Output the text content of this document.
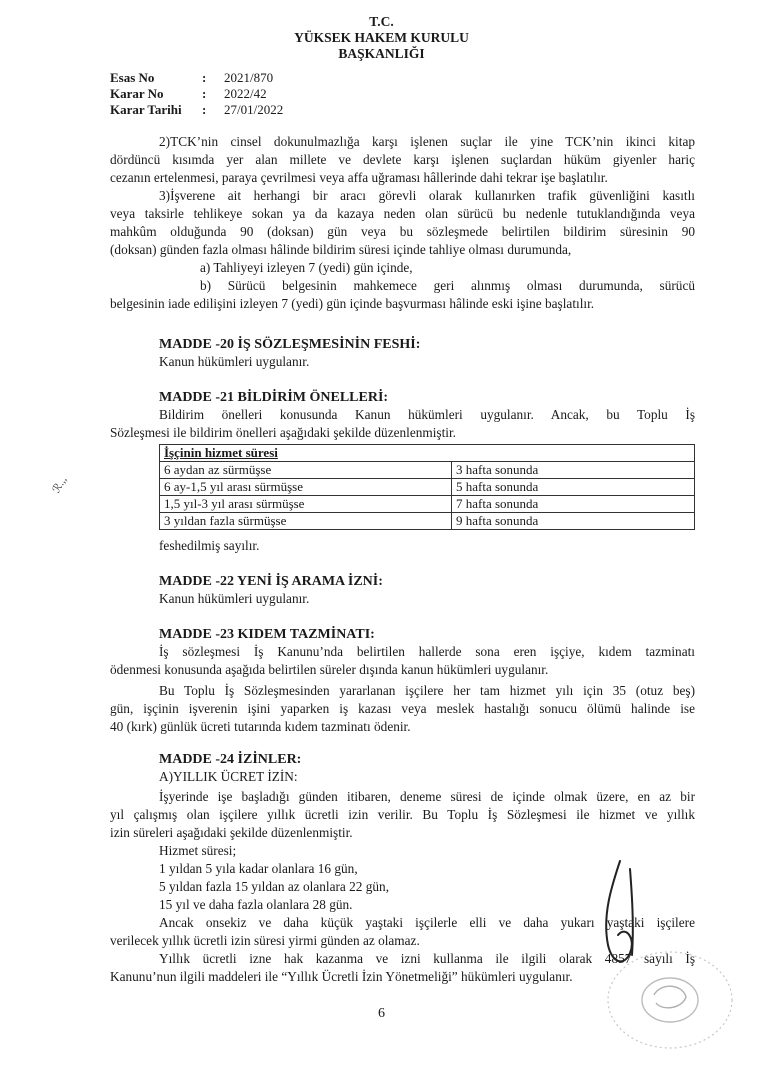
T.C.
YÜKSEK HAKEM KURULU
BAŞKANLIĞI
Esas No	:	2021/870
Karar No	:	2022/42
Karar Tarihi	:	27/01/2022
2)TCK’nin cinsel dokunulmazlığa karşı işlenen suçlar ile yine TCK’nin ikinci kitap
dördüncü kısımda yer alan millete ve devlete karşı işlenen suçlardan hüküm giyenler hariç
cezanın ertelenmesi, paraya çevrilmesi veya affa uğraması hâllerinde dahi tekrar işe başlatılır.
3)İşverene ait herhangi bir aracı görevli olarak kullanırken trafik güvenliğini kasıtlı
veya taksirle tehlikeye sokan ya da kazaya neden olan sürücü bu nedenle tutuklandığında veya
mahkûm olduğunda 90 (doksan) gün veya bu sözleşmede belirtilen bildirim süresinin 90
(doksan) günden fazla olması hâlinde bildirim süresi içinde tahliye olması durumunda,
a) Tahliyeyi izleyen 7 (yedi) gün içinde,
b) Sürücü belgesinin mahkemece geri alınmış olması durumunda, sürücü
belgesinin iade edilişini izleyen 7 (yedi) gün içinde başvurması hâlinde eski işine başlatılır.
MADDE -20 İŞ SÖZLEŞMESİNİN FESHİ:
Kanun hükümleri uygulanır.
MADDE -21 BİLDİRİM ÖNELLERİ:
Bildirim önelleri konusunda Kanun hükümleri uygulanır. Ancak, bu Toplu İş
Sözleşmesi ile bildirim önelleri aşağıdaki şekilde düzenlenmiştir.
İşçinin hizmet süresi	
6 aydan az sürmüşse	3 hafta sonunda
6 ay-1,5 yıl arası sürmüşse	5 hafta sonunda
1,5 yıl-3 yıl arası sürmüşse	7 hafta sonunda
3 yıldan fazla sürmüşse	9 hafta sonunda
feshedilmiş sayılır.
MADDE -22 YENİ İŞ ARAMA İZNİ:
Kanun hükümleri uygulanır.
MADDE -23 KIDEM TAZMİNATI:
İş sözleşmesi İş Kanunu’nda belirtilen hallerde sona eren işçiye, kıdem tazminatı
ödenmesi konusunda aşağıda belirtilen süreler dışında kanun hükümleri uygulanır.
Bu Toplu İş Sözleşmesinden yararlanan işçilere her tam hizmet yılı için 35 (otuz beş)
gün, işçinin işverenin işini yaparken iş kazası veya meslek hastalığı sonucu ölümü halinde ise
40 (kırk) günlük ücreti tutarında kıdem tazminatı ödenir.
MADDE -24 İZİNLER:
A)YILLIK ÜCRET İZİN:
İşyerinde işe başladığı günden itibaren, deneme süresi de içinde olmak üzere, en az bir
yıl çalışmış olan işçilere yıllık ücretli izin verilir. Bu Toplu İş Sözleşmesi ile hizmet ve yıllık
izin süreleri aşağıdaki şekilde düzenlenmiştir.
Hizmet süresi;
1 yıldan 5 yıla kadar olanlara 16 gün,
5 yıldan fazla 15 yıldan az olanlara 22 gün,
15 yıl ve daha fazla olanlara 28 gün.
Ancak onsekiz ve daha küçük yaştaki işçilerle elli ve daha yukarı yaştaki işçilere
verilecek yıllık ücretli izin süresi yirmi günden az olamaz.
Yıllık ücretli izne hak kazanma ve izni kullanma ile ilgili olarak 4857 sayılı İş
Kanunu’nun ilgili maddeleri ile “Yıllık Ücretli İzin Yönetmeliği” hükümleri uygulanır.
ℛ.,,
6
